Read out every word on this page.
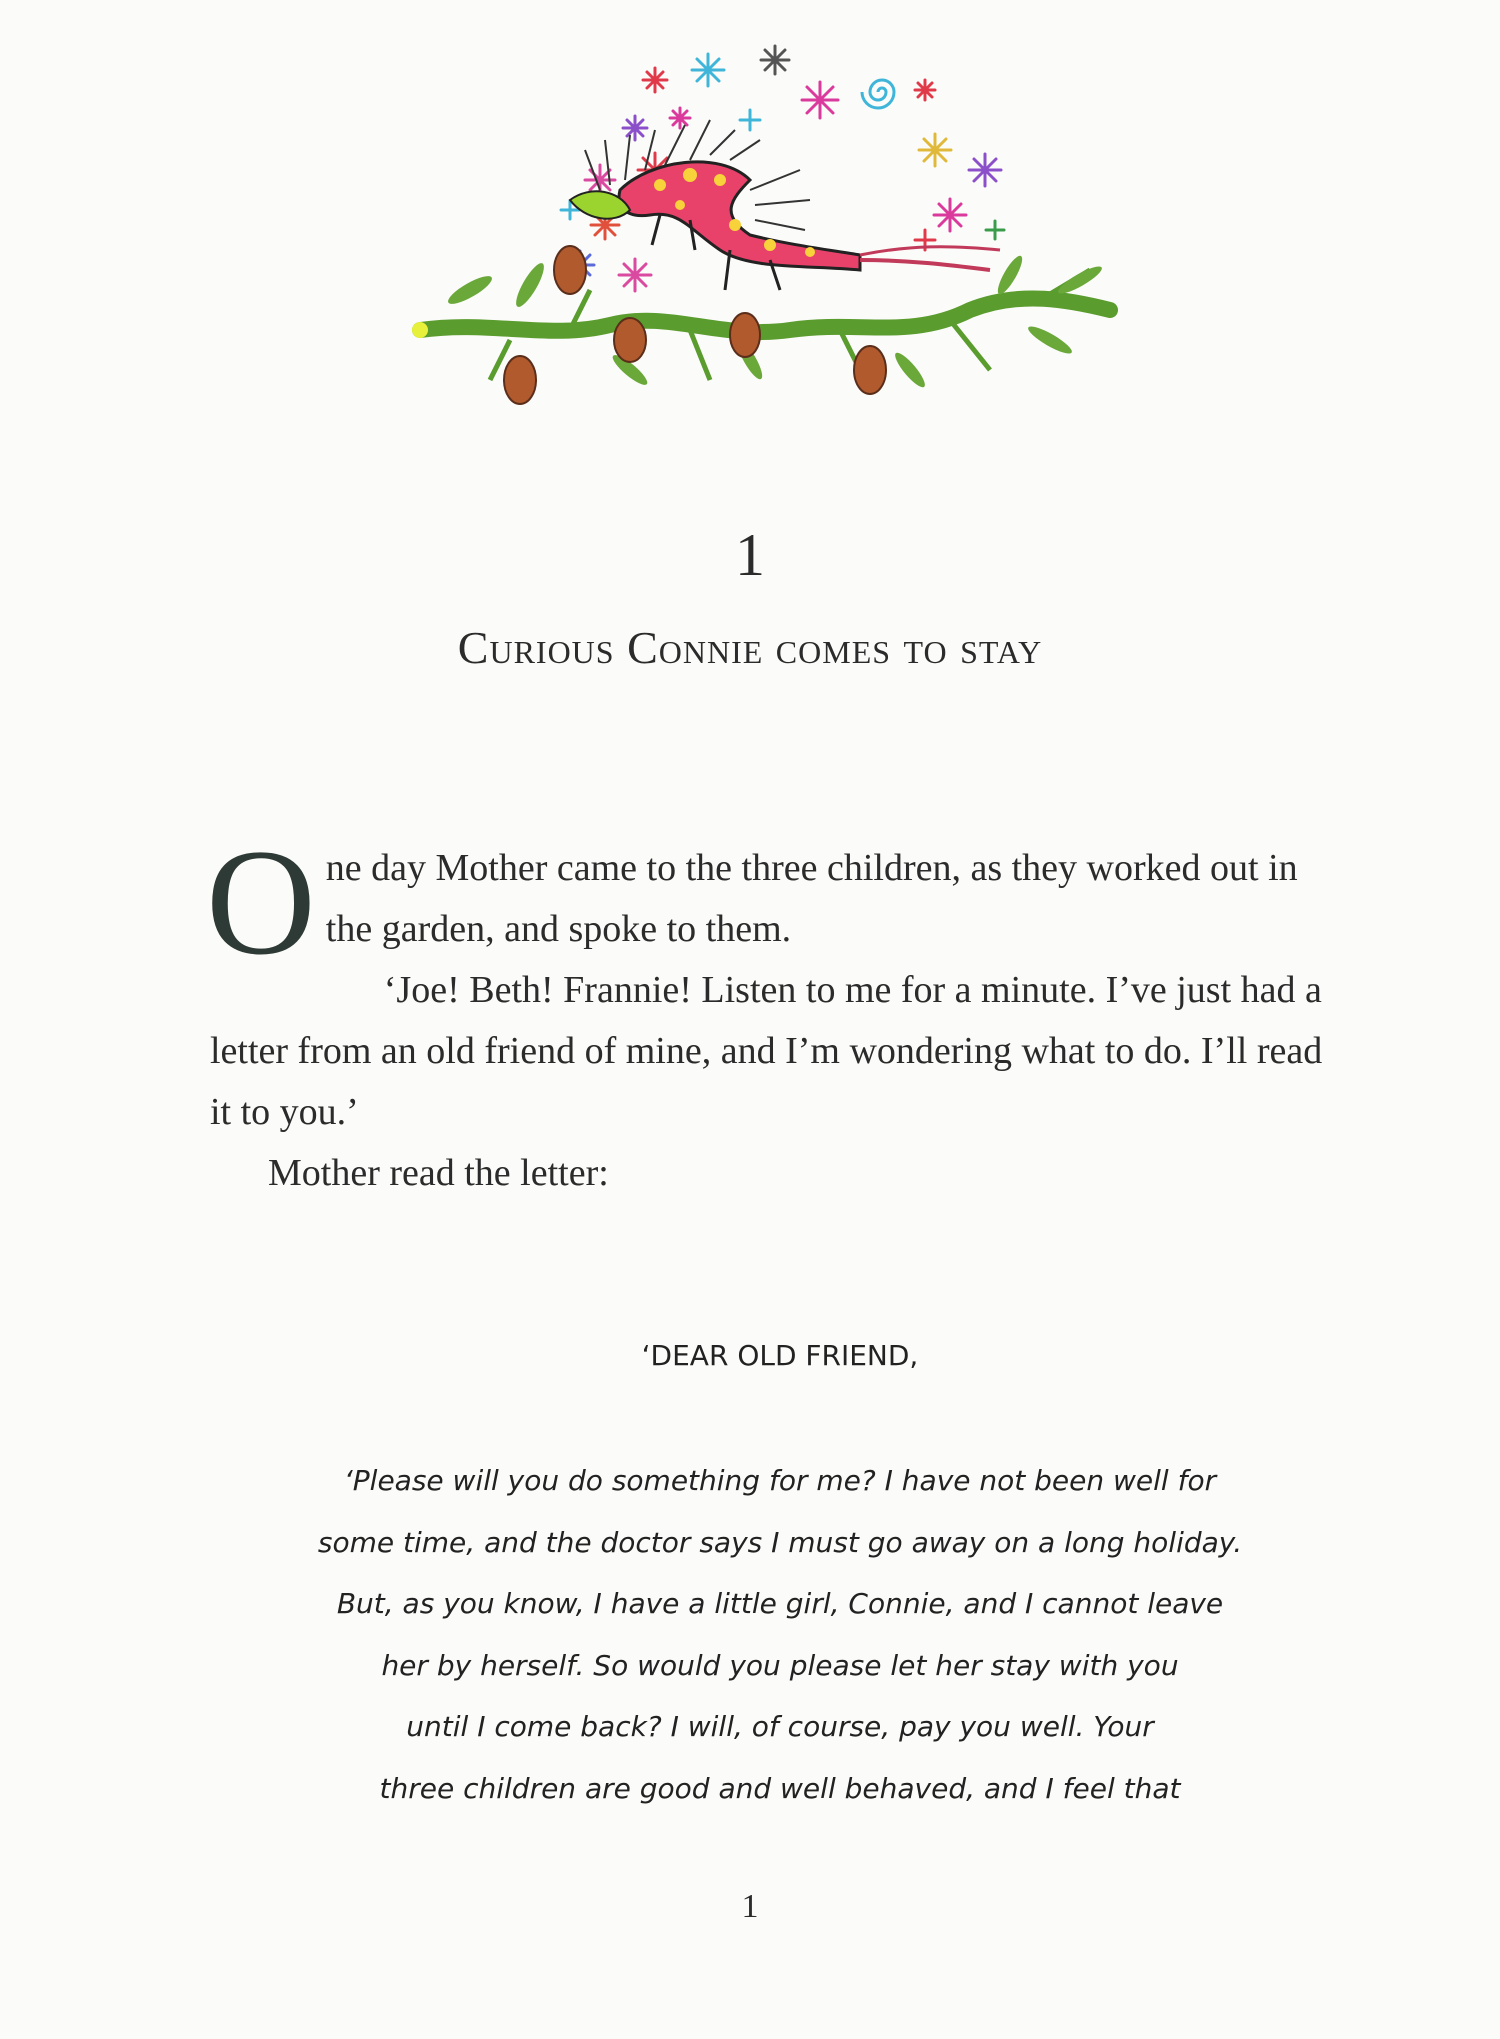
1
Curious Connie comes to stay

One day Mother came to the three children, as they worked out in the garden, and spoke to them.

‘Joe! Beth! Frannie! Listen to me for a minute. I’ve just had a letter from an old friend of mine, and I’m wondering what to do. I’ll read it to you.’

Mother read the letter:

‘DEAR OLD FRIEND,
‘Please will you do something for me? I have not been well for
some time, and the doctor says I must go away on a long holiday.
But, as you know, I have a little girl, Connie, and I cannot leave
her by herself. So would you please let her stay with you
until I come back? I will, of course, pay you well. Your
three children are good and well behaved, and I feel that
1
